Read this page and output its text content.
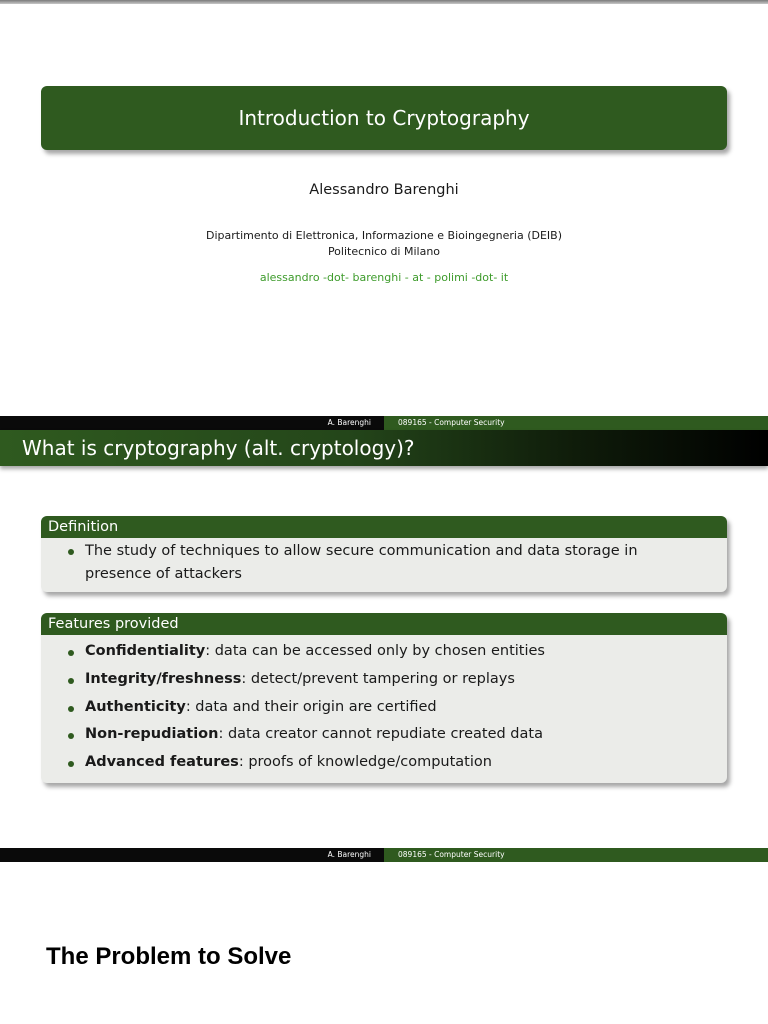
Introduction to Cryptography
Alessandro Barenghi
Dipartimento di Elettronica, Informazione e Bioingegneria (DEIB)
Politecnico di Milano
alessandro -dot- barenghi - at - polimi -dot- it
A. Barenghi	089165 - Computer Security
What is cryptography (alt. cryptology)?
Definition
The study of techniques to allow secure communication and data storage in presence of attackers
Features provided
Confidentiality: data can be accessed only by chosen entities
Integrity/freshness: detect/prevent tampering or replays
Authenticity: data and their origin are certified
Non-repudiation: data creator cannot repudiate created data
Advanced features: proofs of knowledge/computation
A. Barenghi	089165 - Computer Security
The Problem to Solve
